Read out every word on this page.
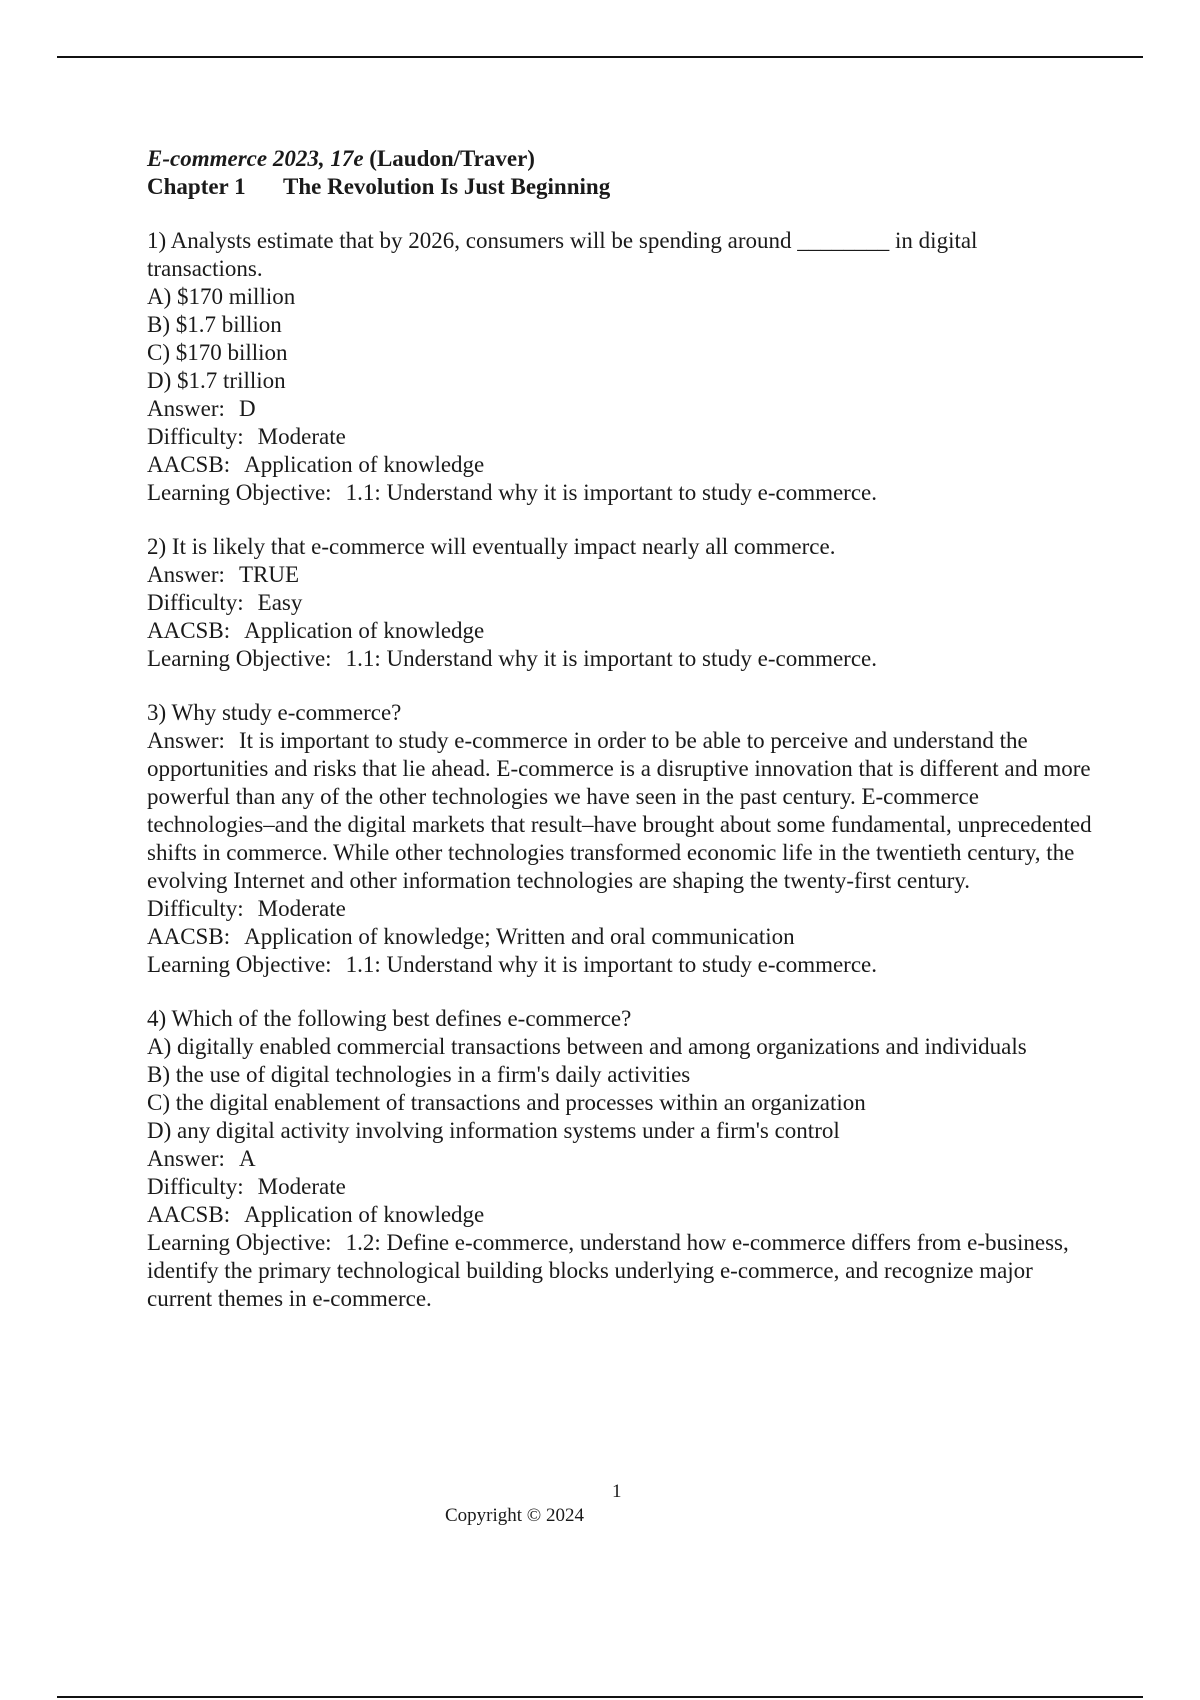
E-commerce 2023, 17e (Laudon/Traver)
Chapter 1 The Revolution Is Just Beginning
1) Analysts estimate that by 2026, consumers will be spending around ________ in digital transactions.
A) $170 million
B) $1.7 billion
C) $170 billion
D) $1.7 trillion
Answer: D
Difficulty: Moderate
AACSB: Application of knowledge
Learning Objective: 1.1: Understand why it is important to study e-commerce.
2) It is likely that e-commerce will eventually impact nearly all commerce.
Answer: TRUE
Difficulty: Easy
AACSB: Application of knowledge
Learning Objective: 1.1: Understand why it is important to study e-commerce.
3) Why study e-commerce?
Answer: It is important to study e-commerce in order to be able to perceive and understand the opportunities and risks that lie ahead. E-commerce is a disruptive innovation that is different and more powerful than any of the other technologies we have seen in the past century. E-commerce technologies–and the digital markets that result–have brought about some fundamental, unprecedented shifts in commerce. While other technologies transformed economic life in the twentieth century, the evolving Internet and other information technologies are shaping the twenty-first century.
Difficulty: Moderate
AACSB: Application of knowledge; Written and oral communication
Learning Objective: 1.1: Understand why it is important to study e-commerce.
4) Which of the following best defines e-commerce?
A) digitally enabled commercial transactions between and among organizations and individuals
B) the use of digital technologies in a firm's daily activities
C) the digital enablement of transactions and processes within an organization
D) any digital activity involving information systems under a firm's control
Answer: A
Difficulty: Moderate
AACSB: Application of knowledge
Learning Objective: 1.2: Define e-commerce, understand how e-commerce differs from e-business, identify the primary technological building blocks underlying e-commerce, and recognize major current themes in e-commerce.
1
Copyright © 2024
